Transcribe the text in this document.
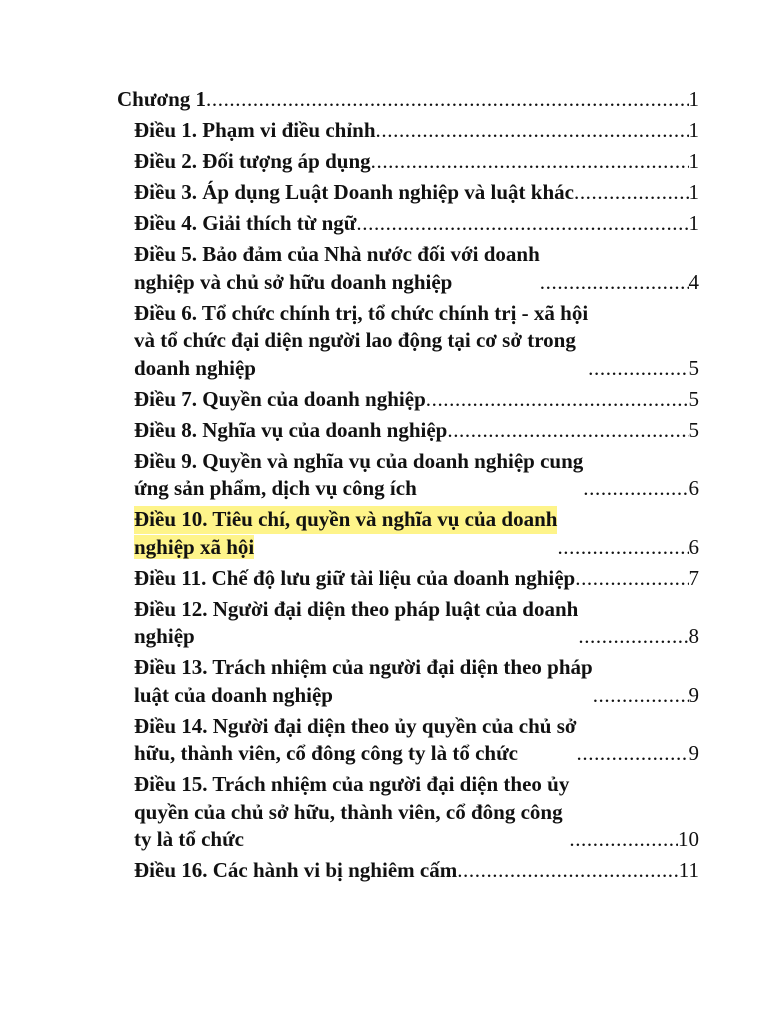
Chương 1 .....	1
Điều 1. Phạm vi điều chỉnh .....	1
Điều 2. Đối tượng áp dụng .....	1
Điều 3. Áp dụng Luật Doanh nghiệp và luật khác .....	1
Điều 4. Giải thích từ ngữ .....	1
Điều 5. Bảo đảm của Nhà nước đối với doanh
nghiệp và chủ sở hữu doanh nghiệp .....	4
Điều 6. Tổ chức chính trị, tổ chức chính trị - xã hội
và tổ chức đại diện người lao động tại cơ sở trong
doanh nghiệp .....	5
Điều 7. Quyền của doanh nghiệp .....	5
Điều 8. Nghĩa vụ của doanh nghiệp .....	5
Điều 9. Quyền và nghĩa vụ của doanh nghiệp cung
ứng sản phẩm, dịch vụ công ích .....	6
Điều 10. Tiêu chí, quyền và nghĩa vụ của doanh
nghiệp xã hội .....	6
Điều 11. Chế độ lưu giữ tài liệu của doanh nghiệp .....	7
Điều 12. Người đại diện theo pháp luật của doanh
nghiệp .....	8
Điều 13. Trách nhiệm của người đại diện theo pháp
luật của doanh nghiệp .....	9
Điều 14. Người đại diện theo ủy quyền của chủ sở
hữu, thành viên, cổ đông công ty là tổ chức .....	9
Điều 15. Trách nhiệm của người đại diện theo ủy
quyền của chủ sở hữu, thành viên, cổ đông công
ty là tổ chức .....	10
Điều 16. Các hành vi bị nghiêm cấm .....	11
